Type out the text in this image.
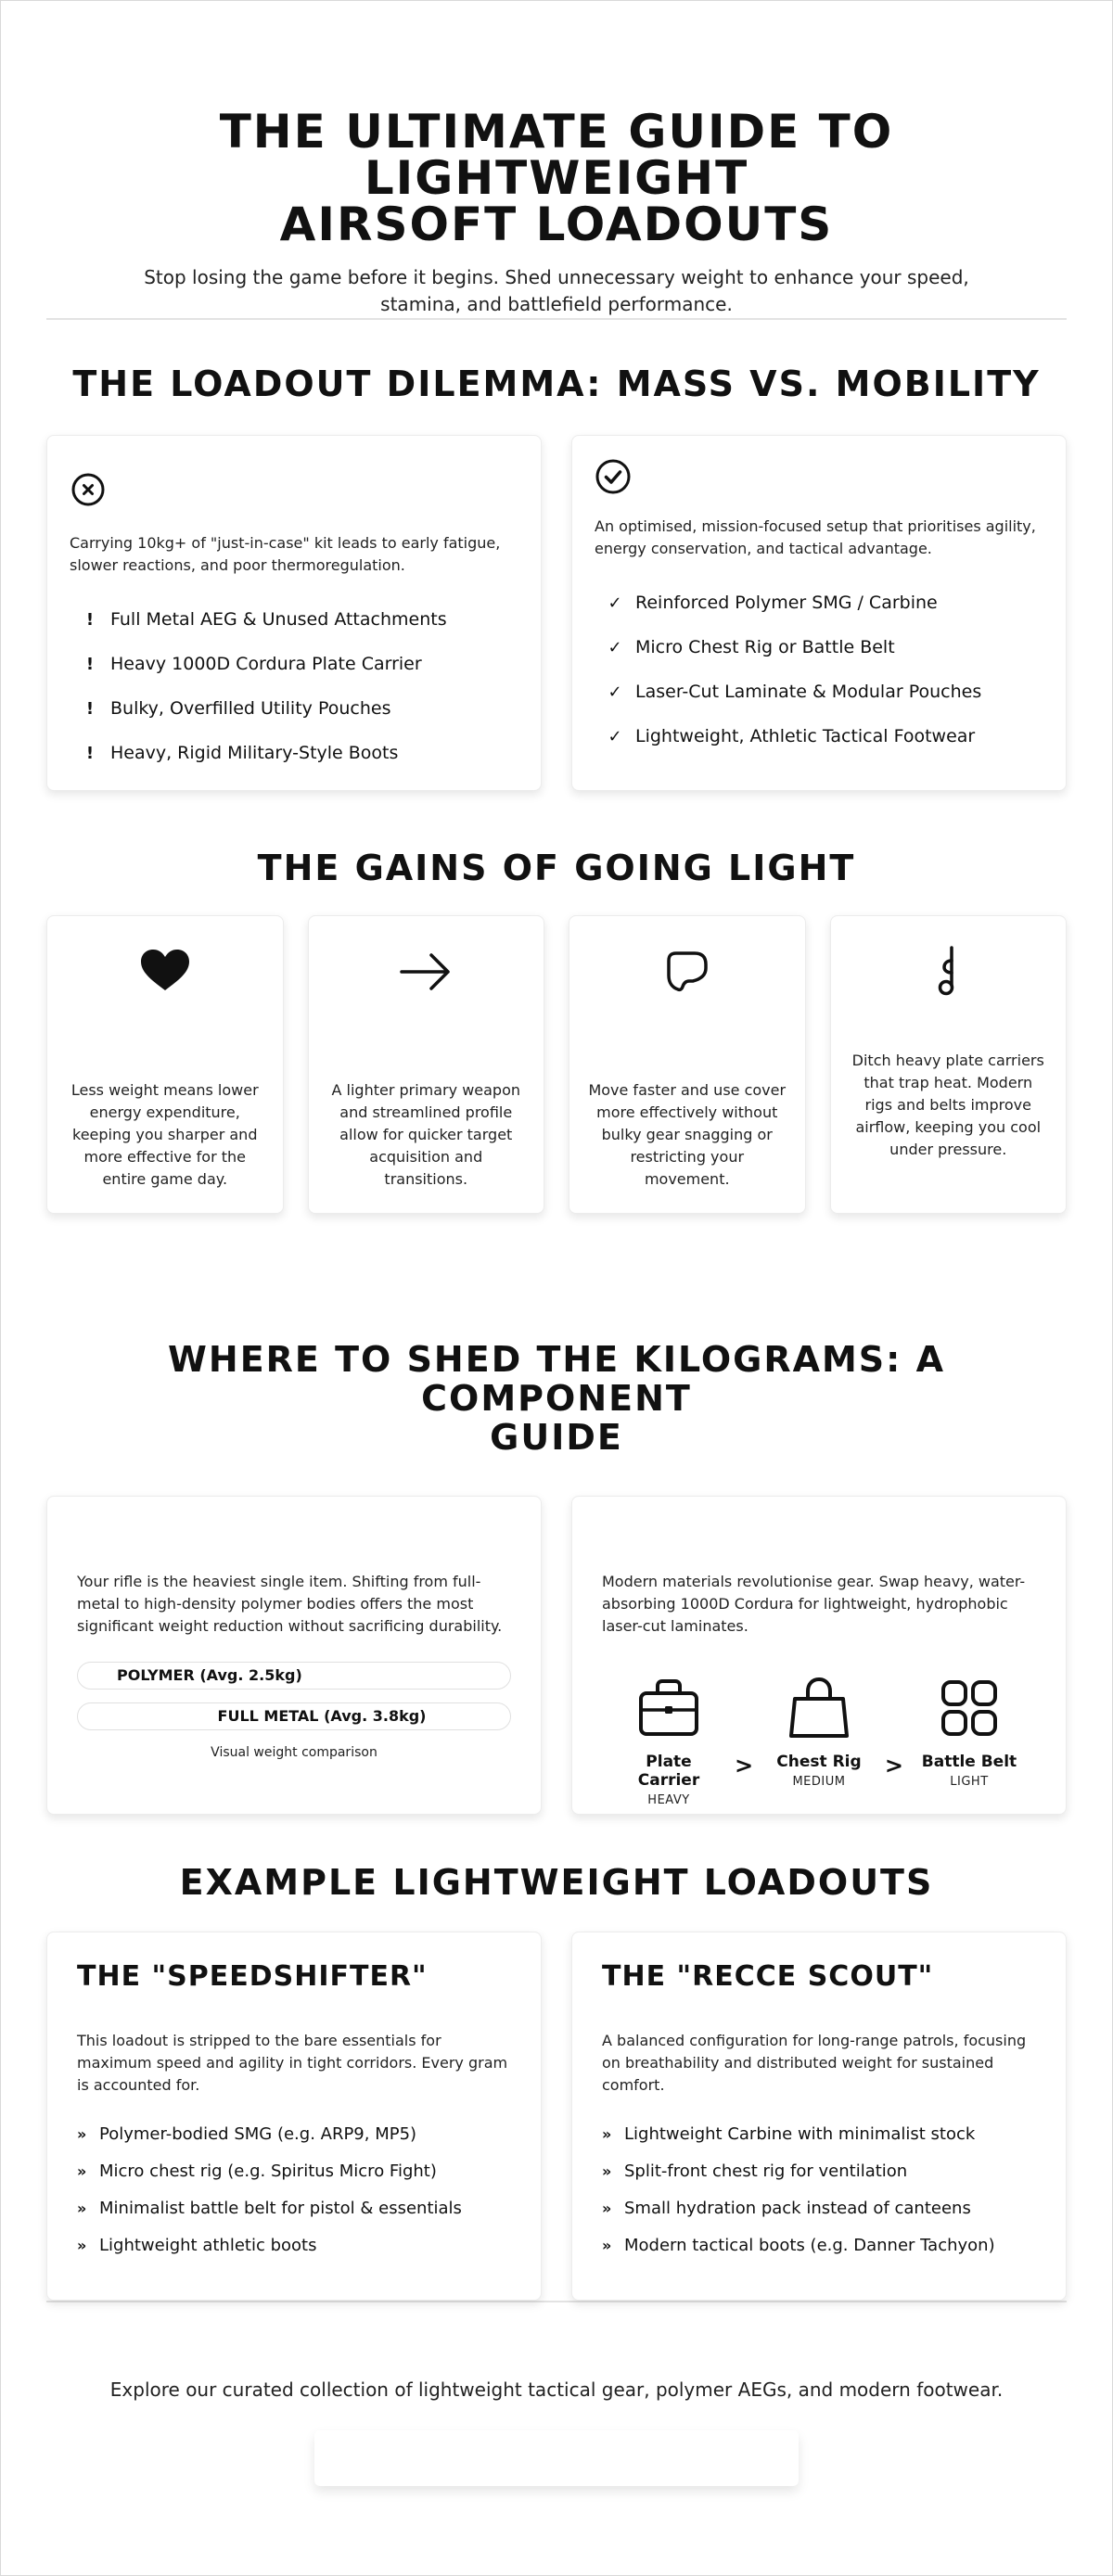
THE ULTIMATE GUIDE TO LIGHTWEIGHT
AIRSOFT LOADOUTS

Stop losing the game before it begins. Shed unnecessary weight to enhance your speed,
stamina, and battlefield performance.

THE LOADOUT DILEMMA: MASS VS. MOBILITY

Carrying 10kg+ of "just-in-case" kit leads to early fatigue, slower reactions, and poor thermoregulation.

! Full Metal AEG & Unused Attachments
! Heavy 1000D Cordura Plate Carrier
! Bulky, Overfilled Utility Pouches
! Heavy, Rigid Military-Style Boots

An optimised, mission-focused setup that prioritises agility, energy conservation, and tactical advantage.

✓ Reinforced Polymer SMG / Carbine
✓ Micro Chest Rig or Battle Belt
✓ Laser-Cut Laminate & Modular Pouches
✓ Lightweight, Athletic Tactical Footwear
THE GAINS OF GOING LIGHT

Less weight means lower energy expenditure, keeping you sharper and more effective for the entire game day.

A lighter primary weapon and streamlined profile allow for quicker target acquisition and transitions.

Move faster and use cover more effectively without bulky gear snagging or restricting your movement.

Ditch heavy plate carriers that trap heat. Modern rigs and belts improve airflow, keeping you cool under pressure.

WHERE TO SHED THE KILOGRAMS: A COMPONENT
GUIDE

Your rifle is the heaviest single item. Shifting from full-metal to high-density polymer bodies offers the most significant weight reduction without sacrificing durability.

POLYMER (Avg. 2.5kg)
FULL METAL (Avg. 3.8kg)

Visual weight comparison

Modern materials revolutionise gear. Swap heavy, water-absorbing 1000D Cordura for lightweight, hydrophobic laser-cut laminates.

Plate Carrier
HEAVY
>	Chest Rig
MEDIUM
>	Battle Belt
LIGHT
EXAMPLE LIGHTWEIGHT LOADOUTS
THE "SPEEDSHIFTER"

This loadout is stripped to the bare essentials for maximum speed and agility in tight corridors. Every gram is accounted for.

» Polymer-bodied SMG (e.g. ARP9, MP5)
» Micro chest rig (e.g. Spiritus Micro Fight)
» Minimalist battle belt for pistol & essentials
» Lightweight athletic boots
THE "RECCE SCOUT"

A balanced configuration for long-range patrols, focusing on breathability and distributed weight for sustained comfort.

» Lightweight Carbine with minimalist stock
» Split-front chest rig for ventilation
» Small hydration pack instead of canteens
» Modern tactical boots (e.g. Danner Tachyon)

Explore our curated collection of lightweight tactical gear, polymer AEGs, and modern footwear.
